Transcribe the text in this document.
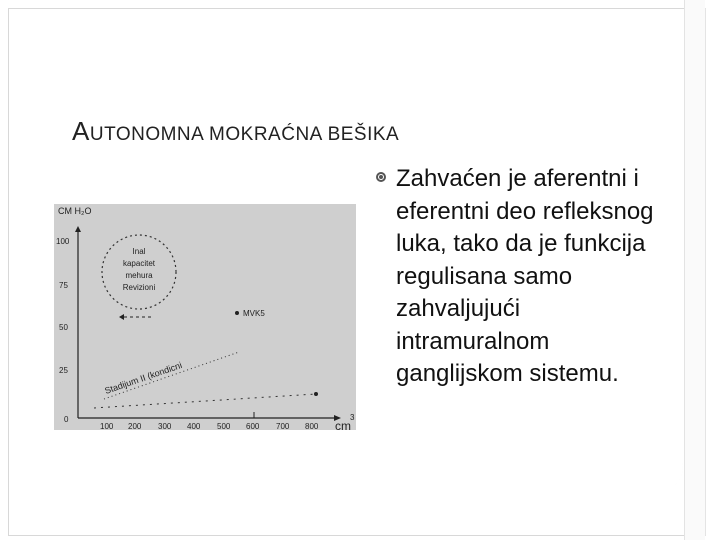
AUTONOMNA MOKRAĆNA BEŠIKA
Zahvaćen je aferentni i eferentni deo refleksnog luka, tako da je funkcija regulisana samo zahvaljujući intramuralnom ganglijskom sistemu.
CM H₂O
100
75
50
25
0
100 200 300 400 500 600 700 800 cm
3
Inal
kapacitet
mehura
Revizioni
MVK5
Stadijum II (kondicni
